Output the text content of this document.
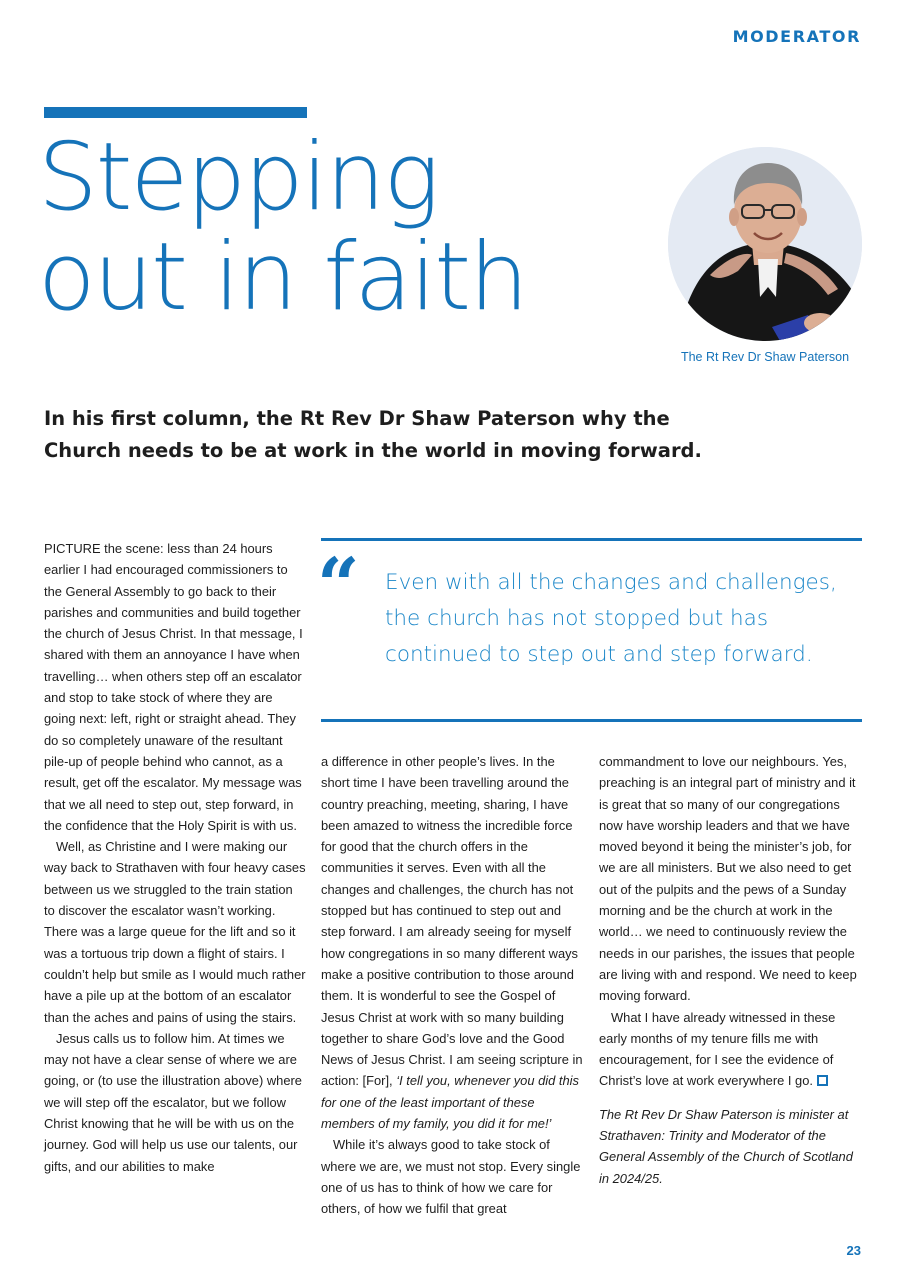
MODERATOR
Stepping
out in faith
The Rt Rev Dr Shaw Paterson
In his first column, the Rt Rev Dr Shaw Paterson why the
Church needs to be at work in the world in moving forward.

PICTURE the scene: less than 24 hours earlier I had encouraged commissioners to the General Assembly to go back to their parishes and communities and build together the church of Jesus Christ. In that message, I shared with them an annoyance I have when travelling… when others step off an escalator and stop to take stock of where they are going next: left, right or straight ahead. They do so completely unaware of the resultant pile-up of people behind who cannot, as a result, get off the escalator. My message was that we all need to step out, step forward, in the confidence that the Holy Spirit is with us.

Well, as Christine and I were making our way back to Strathaven with four heavy cases between us we struggled to the train station to discover the escalator wasn’t working. There was a large queue for the lift and so it was a tortuous trip down a flight of stairs. I couldn’t help but smile as I would much rather have a pile up at the bottom of an escalator than the aches and pains of using the stairs.

Jesus calls us to follow him. At times we may not have a clear sense of where we are going, or (to use the illustration above) where we will step off the escalator, but we follow Christ knowing that he will be with us on the journey. God will help us use our talents, our gifts, and our abilities to make

“ Even with all the changes and challenges, the church has not stopped but has continued to step out and step forward.

a difference in other people’s lives. In the short time I have been travelling around the country preaching, meeting, sharing, I have been amazed to witness the incredible force for good that the church offers in the communities it serves. Even with all the changes and challenges, the church has not stopped but has continued to step out and step forward. I am already seeing for myself how congregations in so many different ways make a positive contribution to those around them. It is wonderful to see the Gospel of Jesus Christ at work with so many building together to share God’s love and the Good News of Jesus Christ. I am seeing scripture in action: [For], ‘I tell you, whenever you did this for one of the least important of these members of my family, you did it for me!’

While it’s always good to take stock of where we are, we must not stop. Every single one of us has to think of how we care for others, of how we fulfil that great

commandment to love our neighbours. Yes, preaching is an integral part of ministry and it is great that so many of our congregations now have worship leaders and that we have moved beyond it being the minister’s job, for we are all ministers. But we also need to get out of the pulpits and the pews of a Sunday morning and be the church at work in the world… we need to continuously review the needs in our parishes, the issues that people are living with and respond. We need to keep moving forward.

What I have already witnessed in these early months of my tenure fills me with encouragement, for I see the evidence of Christ’s love at work everywhere I go.

The Rt Rev Dr Shaw Paterson is minister at Strathaven: Trinity and Moderator of the General Assembly of the Church of Scotland in 2024/25.

23
